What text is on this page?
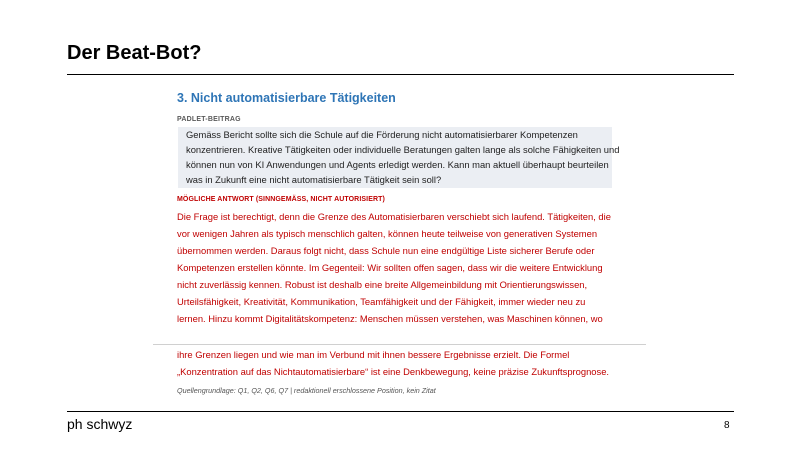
Der Beat-Bot?
3. Nicht automatisierbare Tätigkeiten
PADLET-BEITRAG
Gemäss Bericht sollte sich die Schule auf die Förderung nicht automatisierbarer Kompetenzen
konzentrieren. Kreative Tätigkeiten oder individuelle Beratungen galten lange als solche Fähigkeiten und
können nun von KI Anwendungen und Agents erledigt werden. Kann man aktuell überhaupt beurteilen
was in Zukunft eine nicht automatisierbare Tätigkeit sein soll?
MÖGLICHE ANTWORT (SINNGEMÄSS, NICHT AUTORISIERT)
Die Frage ist berechtigt, denn die Grenze des Automatisierbaren verschiebt sich laufend. Tätigkeiten, die
vor wenigen Jahren als typisch menschlich galten, können heute teilweise von generativen Systemen
übernommen werden. Daraus folgt nicht, dass Schule nun eine endgültige Liste sicherer Berufe oder
Kompetenzen erstellen könnte. Im Gegenteil: Wir sollten offen sagen, dass wir die weitere Entwicklung
nicht zuverlässig kennen. Robust ist deshalb eine breite Allgemeinbildung mit Orientierungswissen,
Urteilsfähigkeit, Kreativität, Kommunikation, Teamfähigkeit und der Fähigkeit, immer wieder neu zu
lernen. Hinzu kommt Digitalitätskompetenz: Menschen müssen verstehen, was Maschinen können, wo
ihre Grenzen liegen und wie man im Verbund mit ihnen bessere Ergebnisse erzielt. Die Formel
„Konzentration auf das Nichtautomatisierbare“ ist eine Denkbewegung, keine präzise Zukunftsprognose.
Quellengrundlage: Q1, Q2, Q6, Q7 | redaktionell erschlossene Position, kein Zitat
ph schwyz	8
